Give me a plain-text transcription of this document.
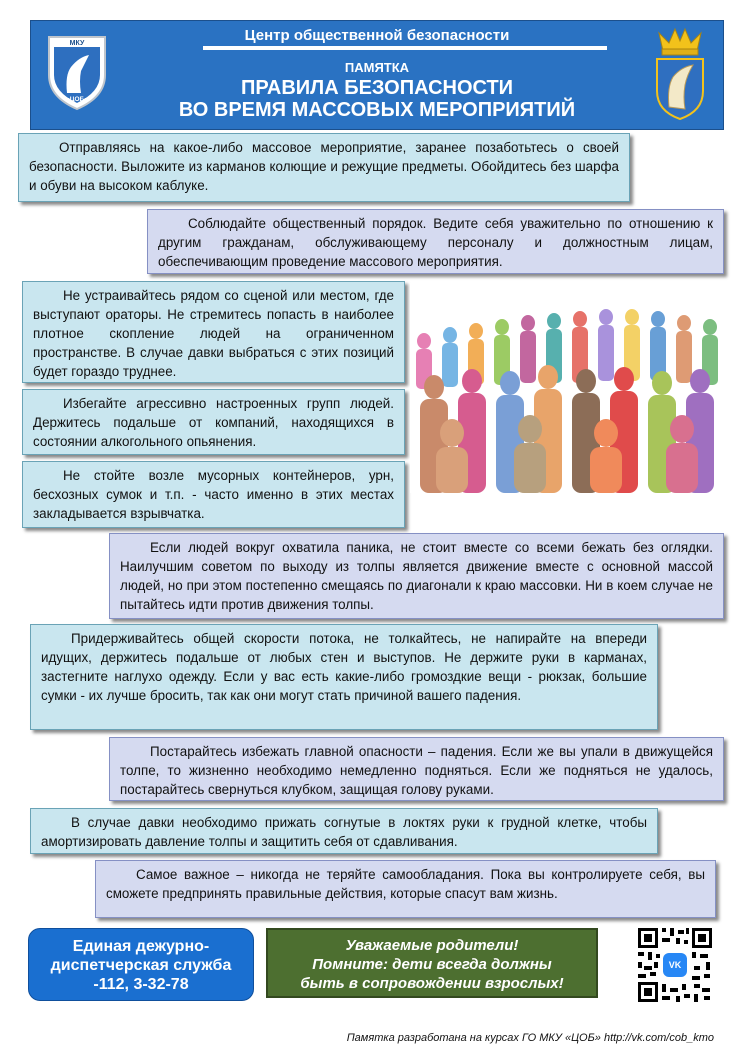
Центр общественной безопасности
ПАМЯТКА
ПРАВИЛА БЕЗОПАСНОСТИ
ВО ВРЕМЯ МАССОВЫХ МЕРОПРИЯТИЙ
МКУ
«ЦОБ»
Отправляясь на какое-либо массовое мероприятие, заранее позаботьтесь о своей безопасности. Выложите из карманов колющие и режущие предметы. Обойдитесь без шарфа и обуви на высоком каблуке.
Соблюдайте общественный порядок. Ведите себя уважительно по отношению к другим гражданам, обслуживающему персоналу и должностным лицам, обеспечивающим проведение массового мероприятия.
Не устраивайтесь рядом со сценой или местом, где выступают ораторы. Не стремитесь попасть в наиболее плотное скопление людей на ограниченном пространстве. В случае давки выбраться с этих позиций будет гораздо труднее.
Избегайте агрессивно настроенных групп людей. Держитесь подальше от компаний, находящихся в состоянии алкогольного опьянения.
Не стойте возле мусорных контейнеров, урн, бесхозных сумок и т.п. - часто именно в этих местах закладывается взрывчатка.
Если людей вокруг охватила паника, не стоит вместе со всеми бежать без оглядки. Наилучшим советом по выходу из толпы является движение вместе с основной массой людей, но при этом постепенно смещаясь по диагонали к краю массовки. Ни в коем случае не пытайтесь идти против движения толпы.
Придерживайтесь общей скорости потока, не толкайтесь, не напирайте на впереди идущих, держитесь подальше от любых стен и выступов. Не держите руки в карманах, застегните наглухо одежду. Если у вас есть какие-либо громоздкие вещи - рюкзак, большие сумки - их лучше бросить, так как они могут стать причиной вашего падения.
Постарайтесь избежать главной опасности – падения. Если же вы упали в движущейся толпе, то жизненно необходимо немедленно подняться. Если же подняться не удалось, постарайтесь свернуться клубком, защищая голову руками.
В случае давки необходимо прижать согнутые в локтях руки к грудной клетке, чтобы амортизировать давление толпы и защитить себя от сдавливания.
Самое важное – никогда не теряйте самообладания. Пока вы контролируете себя, вы сможете предпринять правильные действия, которые спасут вам жизнь.
Единая дежурно-
диспетчерская служба
-112, 3-32-78
Уважаемые родители!
Помните: дети всегда должны
быть в сопровождении взрослых!
VK
Памятка разработана на курсах ГО МКУ «ЦОБ» http://vk.com/cob_kmo
